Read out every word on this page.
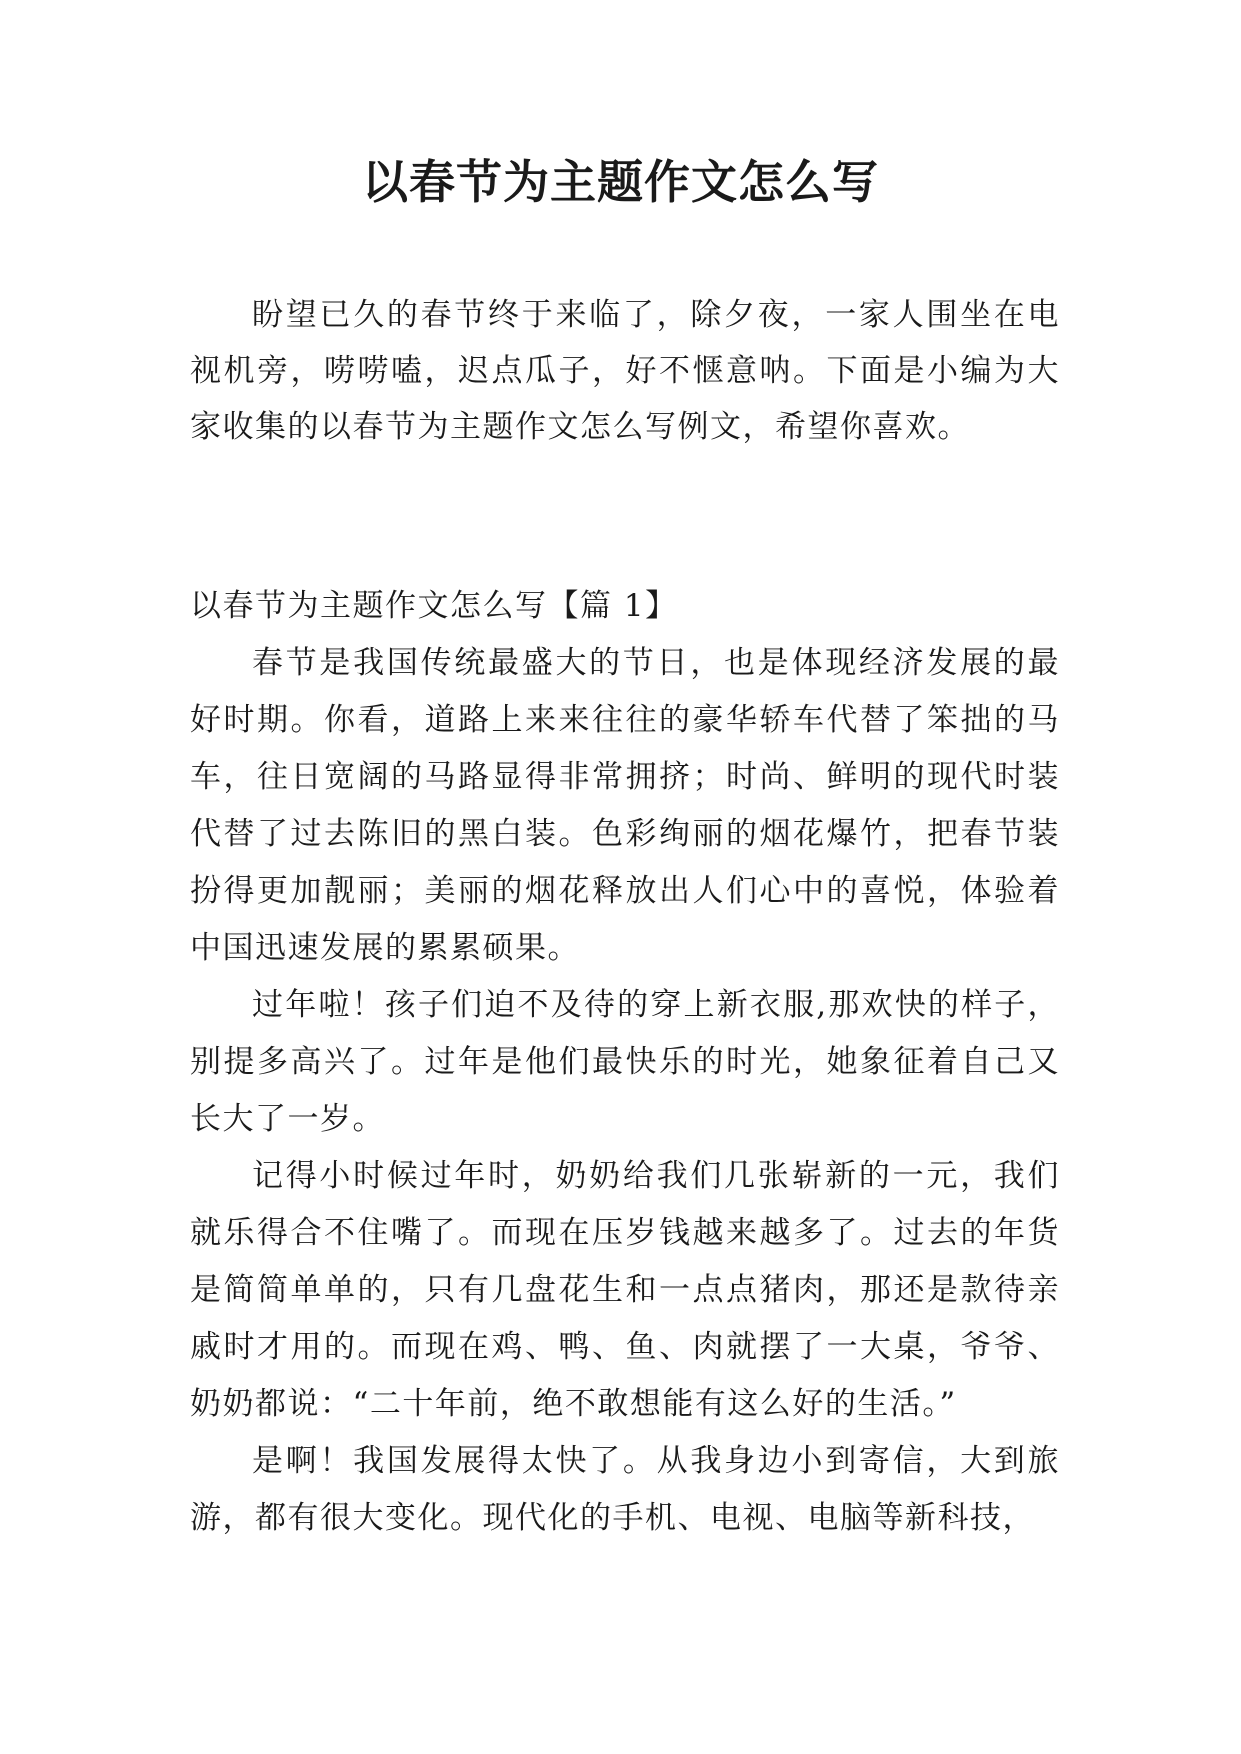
以春节为主题作文怎么写

盼望已久的春节终于来临了，除夕夜，一家人围坐在电视机旁，唠唠嗑，迟点瓜子，好不惬意呐。下面是小编为大家收集的以春节为主题作文怎么写例文，希望你喜欢。

以春节为主题作文怎么写【篇 1】

春节是我国传统最盛大的节日，也是体现经济发展的最好时期。你看，道路上来来往往的豪华轿车代替了笨拙的马车，往日宽阔的马路显得非常拥挤；时尚、鲜明的现代时装代替了过去陈旧的黑白装。色彩绚丽的烟花爆竹，把春节装扮得更加靓丽；美丽的烟花释放出人们心中的喜悦，体验着中国迅速发展的累累硕果。

过年啦！孩子们迫不及待的穿上新衣服,那欢快的样子，别提多高兴了。过年是他们最快乐的时光，她象征着自己又长大了一岁。

记得小时候过年时，奶奶给我们几张崭新的一元，我们就乐得合不住嘴了。而现在压岁钱越来越多了。过去的年货是简简单单的，只有几盘花生和一点点猪肉，那还是款待亲戚时才用的。而现在鸡、鸭、鱼、肉就摆了一大桌，爷爷、奶奶都说：“二十年前，绝不敢想能有这么好的生活。”

是啊！我国发展得太快了。从我身边小到寄信，大到旅游，都有很大变化。现代化的手机、电视、电脑等新科技，
